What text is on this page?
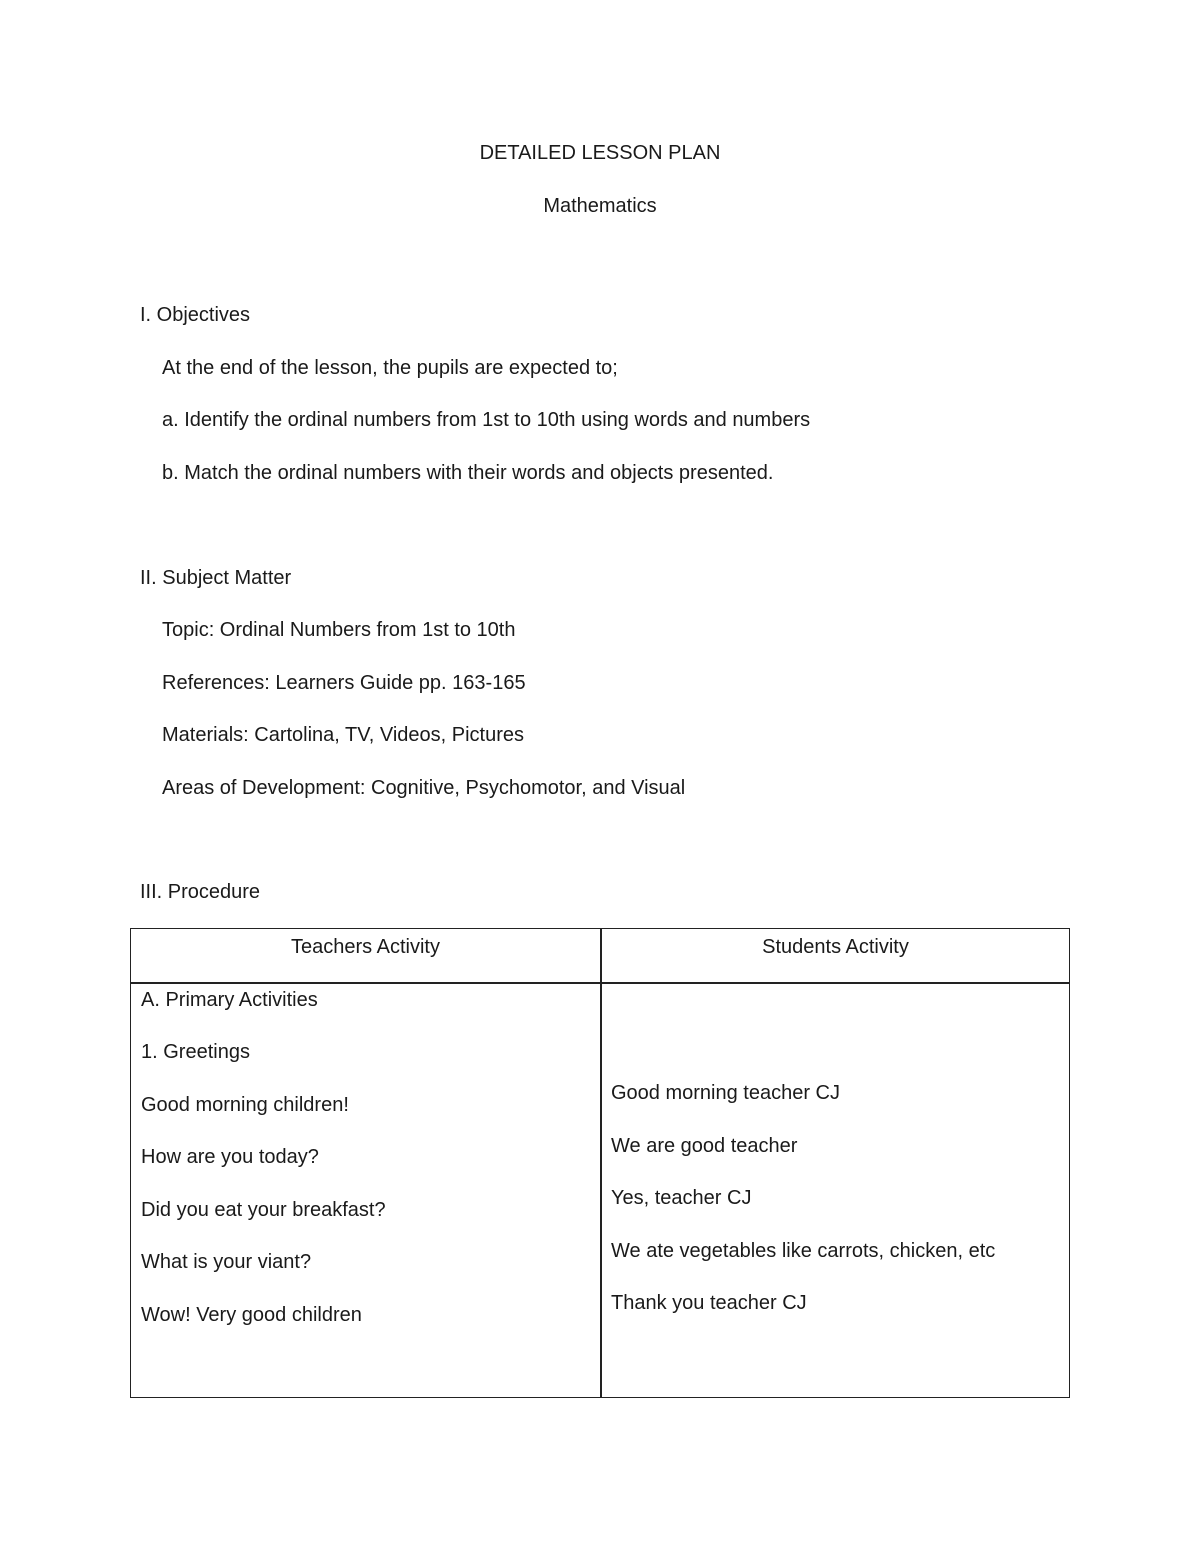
DETAILED LESSON PLAN
Mathematics
I. Objectives
At the end of the lesson, the pupils are expected to;
a. Identify the ordinal numbers from 1st to 10th using words and numbers
b. Match the ordinal numbers with their words and objects presented.
II. Subject Matter
Topic: Ordinal Numbers from 1st to 10th
References: Learners Guide pp. 163-165
Materials: Cartolina, TV, Videos, Pictures
Areas of Development: Cognitive, Psychomotor, and Visual
III. Procedure
Teachers Activity	Students Activity
A. Primary Activities
1. Greetings
Good morning children!
How are you today?
Did you eat your breakfast?
What is your viant?
Wow! Very good children
Good morning teacher CJ
We are good teacher
Yes, teacher CJ
We ate vegetables like carrots, chicken, etc
Thank you teacher CJ
